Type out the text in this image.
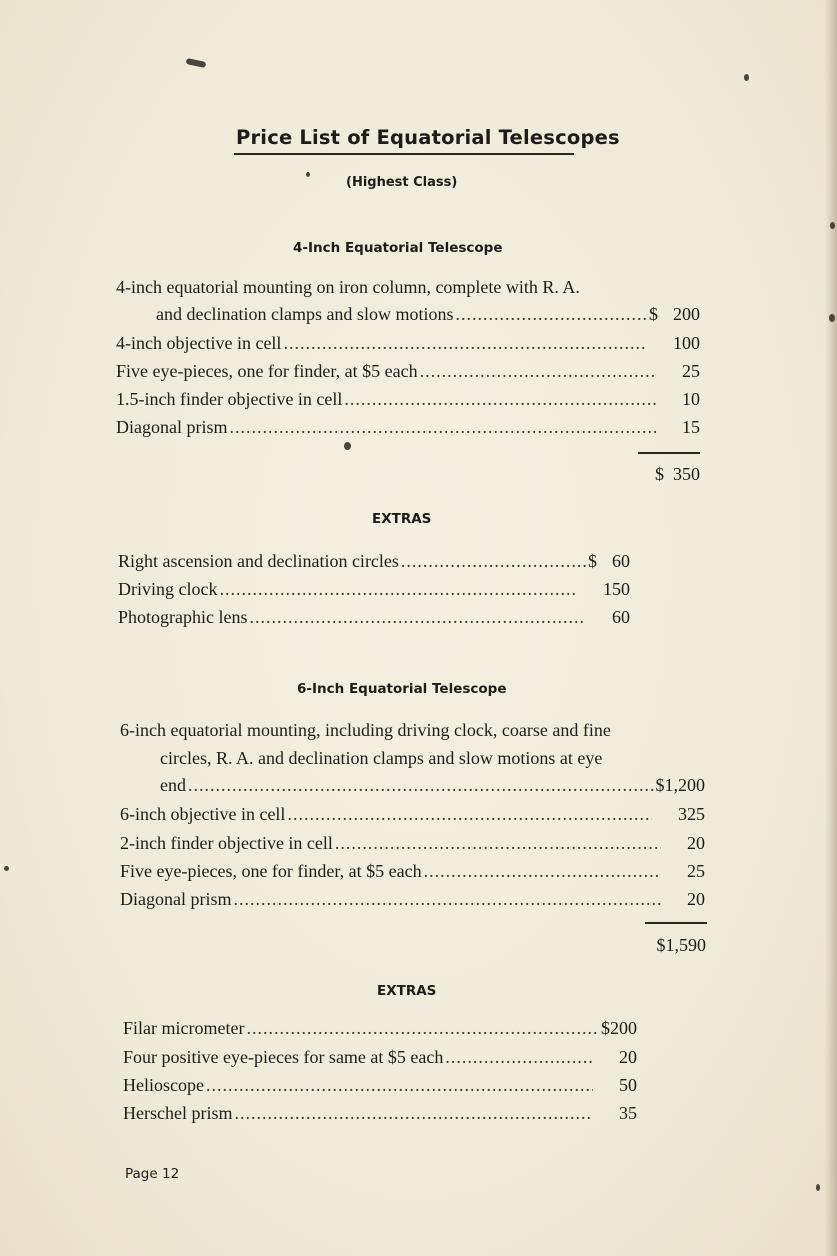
Price List of Equatorial Telescopes
(Highest Class)
4-Inch Equatorial Telescope
4-inch equatorial mounting on iron column, complete with R. A.
and declination clamps and slow motions .....	$ 200
4-inch objective in cell .....	100
Five eye-pieces, one for finder, at $5 each .....	25
1.5-inch finder objective in cell .....	10
Diagonal prism .....	15
$  350
EXTRAS
Right ascension and declination circles .....	$ 60
Driving clock .....	150
Photographic lens .....	60
6-Inch Equatorial Telescope
6-inch equatorial mounting, including driving clock, coarse and fine
circles, R. A. and declination clamps and slow motions at eye
end .....	$1,200
6-inch objective in cell .....	325
2-inch finder objective in cell .....	20
Five eye-pieces, one for finder, at $5 each .....	25
Diagonal prism .....	20
$1,590
EXTRAS
Filar micrometer .....	$200
Four positive eye-pieces for same at $5 each .....	20
Helioscope .....	50
Herschel prism .....	35
Page 12
